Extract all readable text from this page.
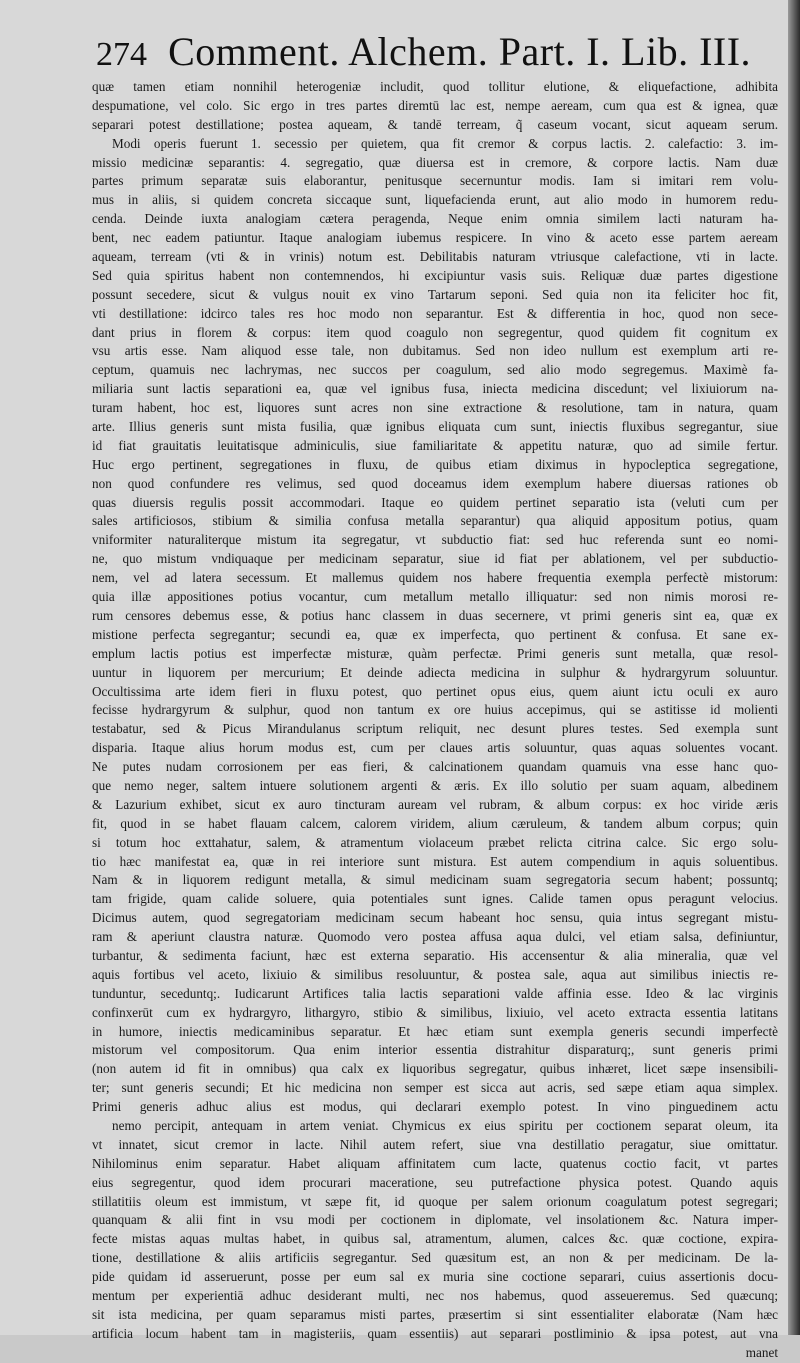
274 Comment. Alchem. Part. I. Lib. III.
quæ tamen etiam nonnihil heterogeniæ includit, quod tollitur elutione, & eliquefactione, adhibita
despumatione, vel colo. Sic ergo in tres partes diremtū lac est, nempe aeream, cum qua est & ignea, quæ
separari potest destillatione; postea aqueam, & tandē terream, q̃ caseum vocant, sicut aqueam serum.
Modi operis fuerunt 1. secessio per quietem, qua fit cremor & corpus lactis. 2. calefactio: 3. im-
missio medicinæ separantis: 4. segregatio, quæ diuersa est in cremore, & corpore lactis. Nam duæ
partes primum separatæ suis elaborantur, penitusque secernuntur modis. Iam si imitari rem volu-
mus in aliis, si quidem concreta siccaque sunt, liquefacienda erunt, aut alio modo in humorem redu-
cenda. Deinde iuxta analogiam cætera peragenda, Neque enim omnia similem lacti naturam ha-
bent, nec eadem patiuntur. Itaque analogiam iubemus respicere. In vino & aceto esse partem aeream
aqueam, terream (vti & in vrinis) notum est. Debilitabis naturam vtriusque calefactione, vti in lacte.
Sed quia spiritus habent non contemnendos, hi excipiuntur vasis suis. Reliquæ duæ partes digestione
possunt secedere, sicut & vulgus nouit ex vino Tartarum seponi. Sed quia non ita feliciter hoc fit,
vti destillatione: idcirco tales res hoc modo non separantur. Est & differentia in hoc, quod non sece-
dant prius in florem & corpus: item quod coagulo non segregentur, quod quidem fit cognitum ex
vsu artis esse. Nam aliquod esse tale, non dubitamus. Sed non ideo nullum est exemplum arti re-
ceptum, quamuis nec lachrymas, nec succos per coagulum, sed alio modo segregemus. Maximè fa-
miliaria sunt lactis separationi ea, quæ vel ignibus fusa, iniecta medicina discedunt; vel lixiuiorum na-
turam habent, hoc est, liquores sunt acres non sine extractione & resolutione, tam in natura, quam
arte. Illius generis sunt mista fusilia, quæ ignibus eliquata cum sunt, iniectis fluxibus segregantur, siue
id fiat grauitatis leuitatisque adminiculis, siue familiaritate & appetitu naturæ, quo ad simile fertur.
Huc ergo pertinent, segregationes in fluxu, de quibus etiam diximus in hypocleptica segregatione,
non quod confundere res velimus, sed quod doceamus idem exemplum habere diuersas rationes ob
quas diuersis regulis possit accommodari. Itaque eo quidem pertinet separatio ista (veluti cum per
sales artificiosos, stibium & similia confusa metalla separantur) qua aliquid appositum potius, quam
vniformiter naturaliterque mistum ita segregatur, vt subductio fiat: sed huc referenda sunt eo nomi-
ne, quo mistum vndiquaque per medicinam separatur, siue id fiat per ablationem, vel per subductio-
nem, vel ad latera secessum. Et mallemus quidem nos habere frequentia exempla perfectè mistorum:
quia illæ appositiones potius vocantur, cum metallum metallo illiquatur: sed non nimis morosi re-
rum censores debemus esse, & potius hanc classem in duas secernere, vt primi generis sint ea, quæ ex
mistione perfecta segregantur; secundi ea, quæ ex imperfecta, quo pertinent & confusa. Et sane ex-
emplum lactis potius est imperfectæ misturæ, quàm perfectæ. Primi generis sunt metalla, quæ resol-
uuntur in liquorem per mercurium; Et deinde adiecta medicina in sulphur & hydrargyrum soluuntur.
Occultissima arte idem fieri in fluxu potest, quo pertinet opus eius, quem aiunt ictu oculi ex auro
fecisse hydrargyrum & sulphur, quod non tantum ex ore huius accepimus, qui se astitisse id molienti
testabatur, sed & Picus Mirandulanus scriptum reliquit, nec desunt plures testes. Sed exempla sunt
disparia. Itaque alius horum modus est, cum per claues artis soluuntur, quas aquas soluentes vocant.
Ne putes nudam corrosionem per eas fieri, & calcinationem quandam quamuis vna esse hanc quo-
que nemo neger, saltem intuere solutionem argenti & æris. Ex illo solutio per suam aquam, albedinem
& Lazurium exhibet, sicut ex auro tincturam auream vel rubram, & album corpus: ex hoc viride æris
fit, quod in se habet flauam calcem, calorem viridem, alium cæruleum, & tandem album corpus; quin
si totum hoc exttahatur, salem, & atramentum violaceum præbet relicta citrina calce. Sic ergo solu-
tio hæc manifestat ea, quæ in rei interiore sunt mistura. Est autem compendium in aquis soluentibus.
Nam & in liquorem redigunt metalla, & simul medicinam suam segregatoria secum habent; possuntq;
tam frigide, quam calide soluere, quia potentiales sunt ignes. Calide tamen opus peragunt velocius.
Dicimus autem, quod segregatoriam medicinam secum habeant hoc sensu, quia intus segregant mistu-
ram & aperiunt claustra naturæ. Quomodo vero postea affusa aqua dulci, vel etiam salsa, definiuntur,
turbantur, & sedimenta faciunt, hæc est externa separatio. His accensentur & alia mineralia, quæ vel
aquis fortibus vel aceto, lixiuio & similibus resoluuntur, & postea sale, aqua aut similibus iniectis re-
tunduntur, seceduntq;. Iudicarunt Artifices talia lactis separationi valde affinia esse. Ideo & lac virginis
confinxerūt cum ex hydrargyro, lithargyro, stibio & similibus, lixiuio, vel aceto extracta essentia latitans
in humore, iniectis medicaminibus separatur. Et hæc etiam sunt exempla generis secundi imperfectè
mistorum vel compositorum. Qua enim interior essentia distrahitur disparaturq;, sunt generis primi
(non autem id fit in omnibus) qua calx ex liquoribus segregatur, quibus inhæret, licet sæpe insensibili-
ter; sunt generis secundi; Et hic medicina non semper est sicca aut acris, sed sæpe etiam aqua simplex.
Primi generis adhuc alius est modus, qui declarari exemplo potest. In vino pinguedinem actu
nemo percipit, antequam in artem veniat. Chymicus ex eius spiritu per coctionem separat oleum, ita
vt innatet, sicut cremor in lacte. Nihil autem refert, siue vna destillatio peragatur, siue omittatur.
Nihilominus enim separatur. Habet aliquam affinitatem cum lacte, quatenus coctio facit, vt partes
eius segregentur, quod idem procurari maceratione, seu putrefactione physica potest. Quando aquis
stillatitiis oleum est immistum, vt sæpe fit, id quoque per salem orionum coagulatum potest segregari;
quanquam & alii fint in vsu modi per coctionem in diplomate, vel insolationem &c. Natura imper-
fecte mistas aquas multas habet, in quibus sal, atramentum, alumen, calces &c. quæ coctione, expira-
tione, destillatione & aliis artificiis segregantur. Sed quæsitum est, an non & per medicinam. De la-
pide quidam id asseruerunt, posse per eum sal ex muria sine coctione separari, cuius assertionis docu-
mentum per experientiā adhuc desiderant multi, nec nos habemus, quod asseueremus. Sed quæcunq;
sit ista medicina, per quam separamus misti partes, præsertim si sint essentialiter elaboratæ (Nam hæc
artificia locum habent tam in magisteriis, quam essentiis) aut separari postliminio & ipsa potest, aut vna
manet
